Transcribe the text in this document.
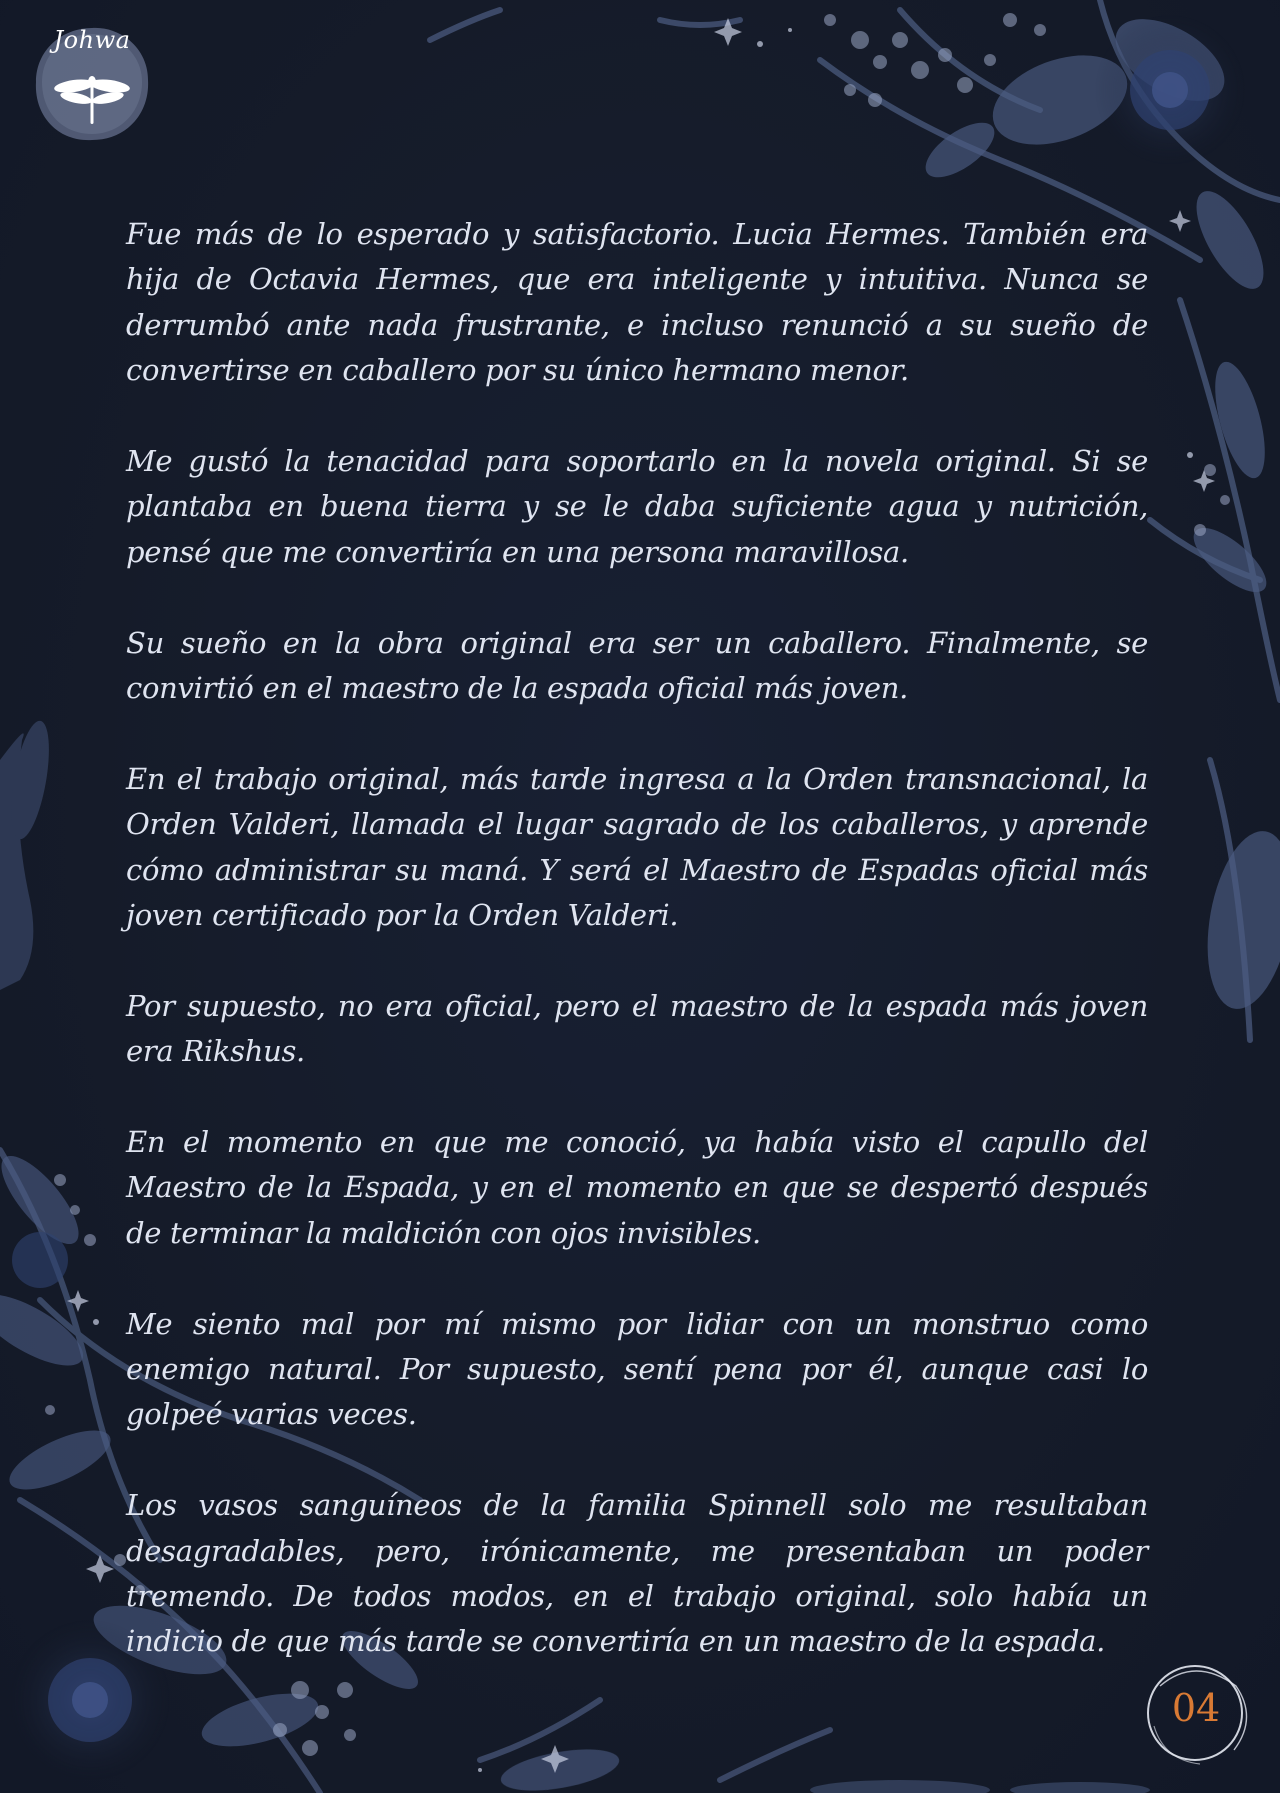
Johwa

Fue más de lo esperado y satisfactorio. Lucia Hermes. También era hija de Octavia Hermes, que era inteligente y intuitiva. Nunca se derrumbó ante nada frustrante, e incluso renunció a su sueño de convertirse en caballero por su único hermano menor.

Me gustó la tenacidad para soportarlo en la novela original. Si se plantaba en buena tierra y se le daba suficiente agua y nutrición, pensé que me convertiría en una persona maravillosa.

Su sueño en la obra original era ser un caballero. Finalmente, se convirtió en el maestro de la espada oficial más joven.

En el trabajo original, más tarde ingresa a la Orden transnacional, la Orden Valderi, llamada el lugar sagrado de los caballeros, y aprende cómo administrar su maná. Y será el Maestro de Espadas oficial más joven certificado por la Orden Valderi.

Por supuesto, no era oficial, pero el maestro de la espada más joven era Rikshus.

En el momento en que me conoció, ya había visto el capullo del Maestro de la Espada, y en el momento en que se despertó después de terminar la maldición con ojos invisibles.

Me siento mal por mí mismo por lidiar con un monstruo como enemigo natural. Por supuesto, sentí pena por él, aunque casi lo golpeé varias veces.

Los vasos sanguíneos de la familia Spinnell solo me resultaban desagradables, pero, irónicamente, me presentaban un poder tremendo. De todos modos, en el trabajo original, solo había un indicio de que más tarde se convertiría en un maestro de la espada.

04
